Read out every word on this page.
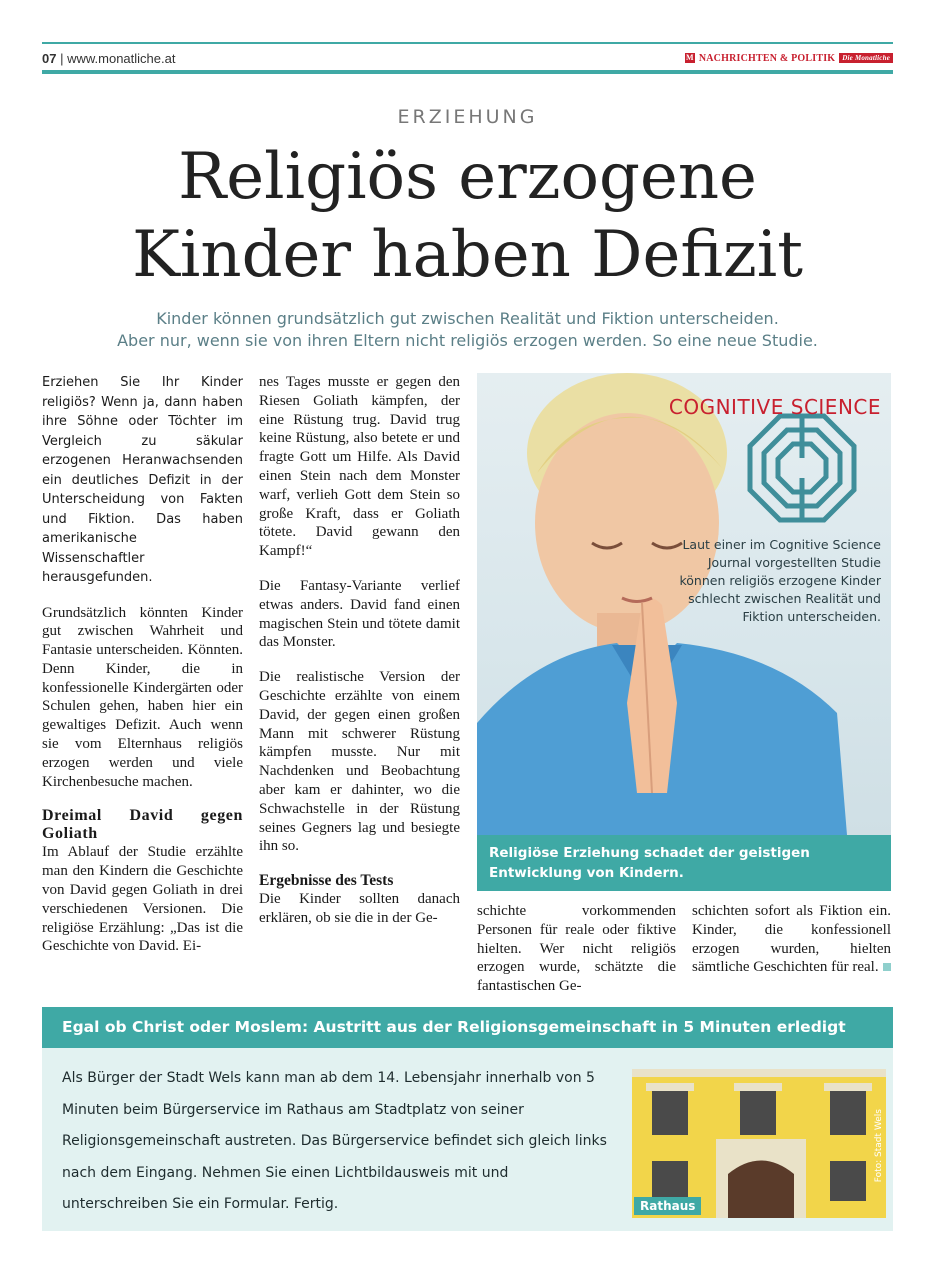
07 | www.monatliche.at	M NACHRICHTEN & POLITIK	Die Monatliche
ERZIEHUNG
Religiös erzogene
Kinder haben Defizit
Kinder können grundsätzlich gut zwischen Realität und Fiktion unterscheiden.
Aber nur, wenn sie von ihren Eltern nicht religiös erzogen werden. So eine neue Studie.

Erziehen Sie Ihr Kinder religiös? Wenn ja, dann haben ihre Söhne oder Töchter im Vergleich zu säkular erzogenen Heranwachsenden ein deutliches Defizit in der Unterscheidung von Fakten und Fiktion. Das haben amerikanische Wissenschaftler herausgefunden.

Grundsätzlich könnten Kinder gut zwischen Wahrheit und Fantasie unterscheiden. Könnten. Denn Kinder, die in konfessionelle Kindergärten oder Schulen gehen, haben hier ein gewaltiges Defizit. Auch wenn sie vom Elternhaus religiös erzogen werden und viele Kirchenbesuche machen.

Dreimal David gegen Goliath

Im Ablauf der Studie erzählte man den Kindern die Geschichte von David gegen Goliath in drei verschiedenen Versionen. Die religiöse Erzählung: „Das ist die Geschichte von David. Ei-

nes Tages musste er gegen den Riesen Goliath kämpfen, der eine Rüstung trug. David trug keine Rüstung, also betete er und fragte Gott um Hilfe. Als David einen Stein nach dem Monster warf, verlieh Gott dem Stein so große Kraft, dass er Goliath tötete. David gewann den Kampf!“

Die Fantasy-Variante verlief etwas anders. David fand einen magischen Stein und tötete damit das Monster.

Die realistische Version der Geschichte erzählte von einem David, der gegen einen großen Mann mit schwerer Rüstung kämpfen musste. Nur mit Nachdenken und Beobachtung aber kam er dahinter, wo die Schwachstelle in der Rüstung seines Gegners lag und besiegte ihn so.

Ergebnisse des Tests

Die Kinder sollten danach erklären, ob sie die in der Ge-

COGNITIVE SCIENCE
Laut einer im Cognitive Science Journal vorgestellten Studie können religiös erzogene Kinder schlecht zwischen Realität und Fiktion unterscheiden.
Religiöse Erziehung schadet der geistigen Entwicklung von Kindern.

schichte vorkommenden Personen für reale oder fiktive hielten. Wer nicht religiös erzogen wurde, schätzte die fantastischen Ge-

schichten sofort als Fiktion ein. Kinder, die konfessionell erzogen wurden, hielten sämtliche Geschichten für real.

Egal ob Christ oder Moslem: Austritt aus der Religionsgemeinschaft in 5 Minuten erledigt
Als Bürger der Stadt Wels kann man ab dem 14. Lebensjahr innerhalb von 5 Minuten beim Bürgerservice im Rathaus am Stadtplatz von seiner Religionsgemeinschaft austreten. Das Bürgerservice befindet sich gleich links nach dem Eingang. Nehmen Sie einen Lichtbildausweis mit und unterschreiben Sie ein Formular. Fertig.
Foto: Stadt Wels
Rathaus
